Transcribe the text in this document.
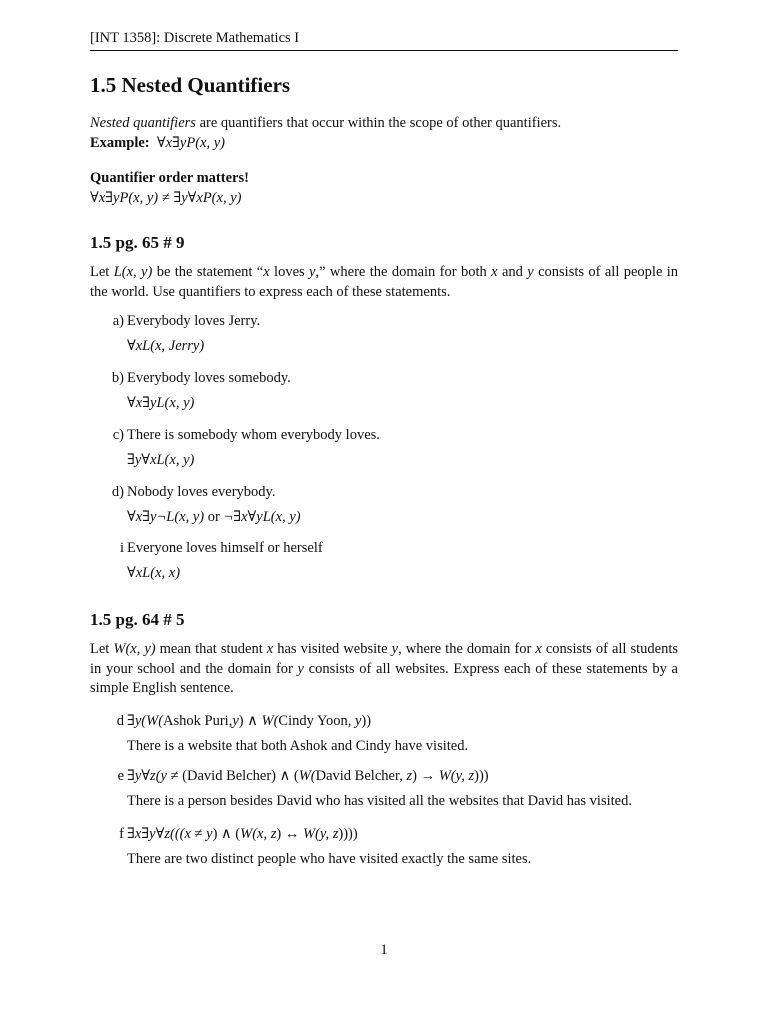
[INT 1358]: Discrete Mathematics I
1.5 Nested Quantifiers
Nested quantifiers are quantifiers that occur within the scope of other quantifiers.
Example: ∀x∃yP(x, y)
Quantifier order matters!
∀x∃yP(x, y) ≠ ∃y∀xP(x, y)
1.5 pg. 65 # 9
Let L(x, y) be the statement “x loves y,” where the domain for both x and y consists of all people in the world. Use quantifiers to express each of these statements.
a) Everybody loves Jerry.
∀xL(x, Jerry)
b) Everybody loves somebody.
∀x∃yL(x, y)
c) There is somebody whom everybody loves.
∃y∀xL(x, y)
d) Nobody loves everybody.
∀x∃y¬L(x, y) or ¬∃x∀yL(x, y)
i Everyone loves himself or herself
∀xL(x, x)
1.5 pg. 64 # 5
Let W(x, y) mean that student x has visited website y, where the domain for x consists of all students in your school and the domain for y consists of all websites. Express each of these statements by a simple English sentence.
d ∃y(W(Ashok Puri,y) ∧ W(Cindy Yoon, y))
There is a website that both Ashok and Cindy have visited.
e ∃y∀z(y ≠ (David Belcher) ∧ (W(David Belcher, z) → W(y, z)))
There is a person besides David who has visited all the websites that David has visited.
f ∃x∃y∀z(((x ≠ y) ∧ (W(x, z) ↔ W(y, z))))
There are two distinct people who have visited exactly the same sites.
1
